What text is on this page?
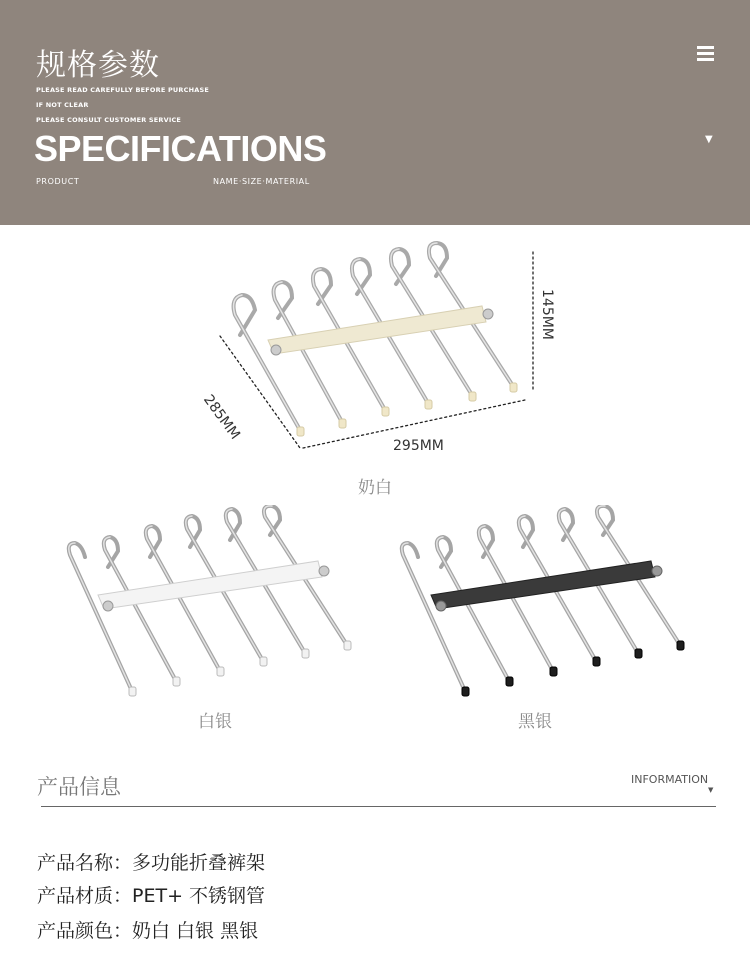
规格参数
PLEASE READ CAREFULLY BEFORE PURCHASE
IF NOT CLEAR
PLEASE CONSULT CUSTOMER SERVICE
SPECIFICATIONS
PRODUCT	NAME·SIZE·MATERIAL
▼
285MM
295MM
145MM
奶白
白银	黑银
产品信息	INFORMATION
▼
产品名称：多功能折叠裤架
产品材质：PET+ 不锈钢管
产品颜色：奶白 白银 黑银
